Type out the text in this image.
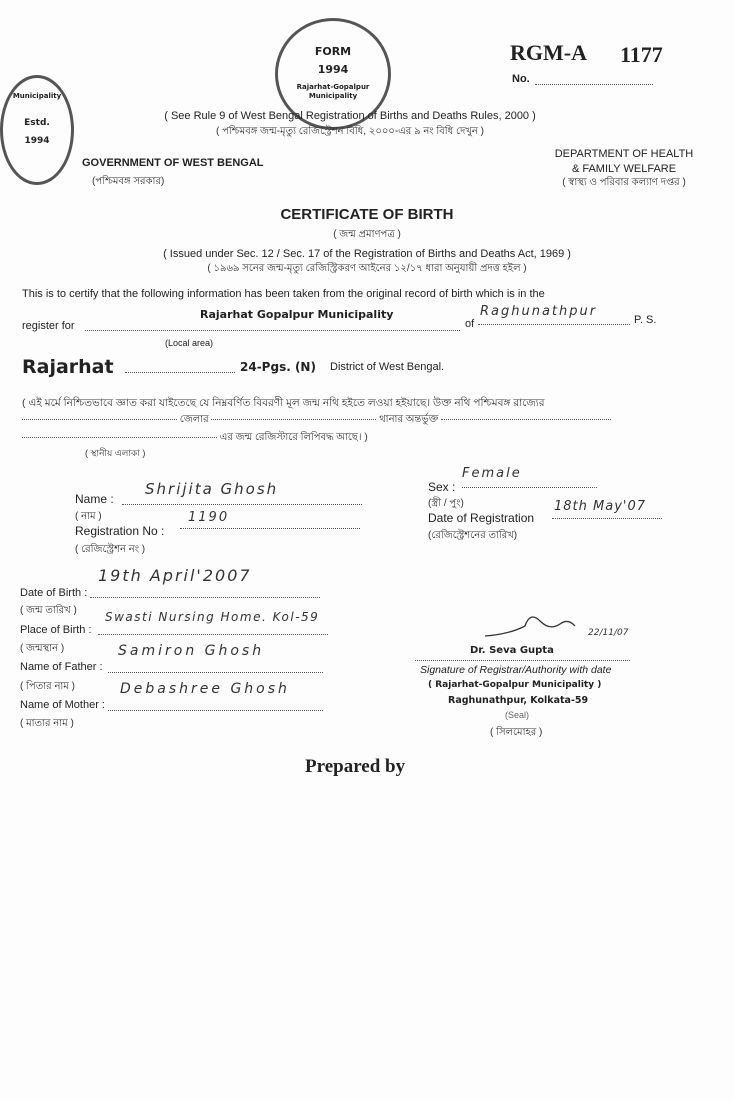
FORM
1994
Rajarhat-Gopalpur Municipality
Municipality
Estd.
1994
RGM-A 1177
No.
( See Rule 9 of West Bengal Registration of Births and Deaths Rules, 2000 )
( পশ্চিমবঙ্গ জন্ম-মৃত্যু রেজিস্ট্রেশন বিধি, ২০০০-এর ৯ নং বিধি দেখুন )
GOVERNMENT OF WEST BENGAL
(পশ্চিমবঙ্গ সরকার)
DEPARTMENT OF HEALTH
& FAMILY WELFARE
( স্বাস্থ্য ও পরিবার কল্যাণ দপ্তর )
CERTIFICATE OF BIRTH
( জন্ম প্রমাণপত্র )
( Issued under Sec. 12 / Sec. 17 of the Registration of Births and Deaths Act, 1969 )
( ১৯৬৯ সনের জন্ম-মৃত্যু রেজিস্ট্রিকরণ আইনের ১২/১৭ ধারা অনুযায়ী প্রদত্ত হইল )
This is to certify that the following information has been taken from the original record of birth which is in the
register for
Rajarhat Gopalpur Municipality
of
Raghunathpur
P. S.
(Local area)
Rajarhat	24-Pgs. (N) District of West Bengal.
( এই মর্মে নিশ্চিতভাবে জ্ঞাত করা যাইতেছে যে নিম্নবর্ণিত বিবরণী মূল জন্ম নথি হইতে লওয়া হইয়াছে। উক্ত নথি পশ্চিমবঙ্গ রাজ্যের
জেলার	থানার অন্তর্ভুক্ত
এর জন্ম রেজিস্টারে লিপিবদ্ধ আছে। )
( স্থানীয় এলাকা )
Name :
Shrijita Ghosh
( নাম )
Registration No :
1190
( রেজিস্ট্রেশন নং )
Sex :
Female
(স্ত্রী / পুং)
Date of Registration
18th May'07
(রেজিস্ট্রেশনের তারিখ)
Date of Birth :
19th April'2007
( জন্ম তারিখ )
Place of Birth :
Swasti Nursing Home. Kol-59
( জন্মস্থান )
Name of Father :
Samiron Ghosh
( পিতার নাম )
Name of Mother :
Debashree Ghosh
( মাতার নাম )
Dr. Seva Gupta
22/11/07
Signature of Registrar/Authority with date
( Rajarhat-Gopalpur Municipality )
Raghunathpur, Kolkata-59
(Seal)
( সিলমোহর )
Prepared by
